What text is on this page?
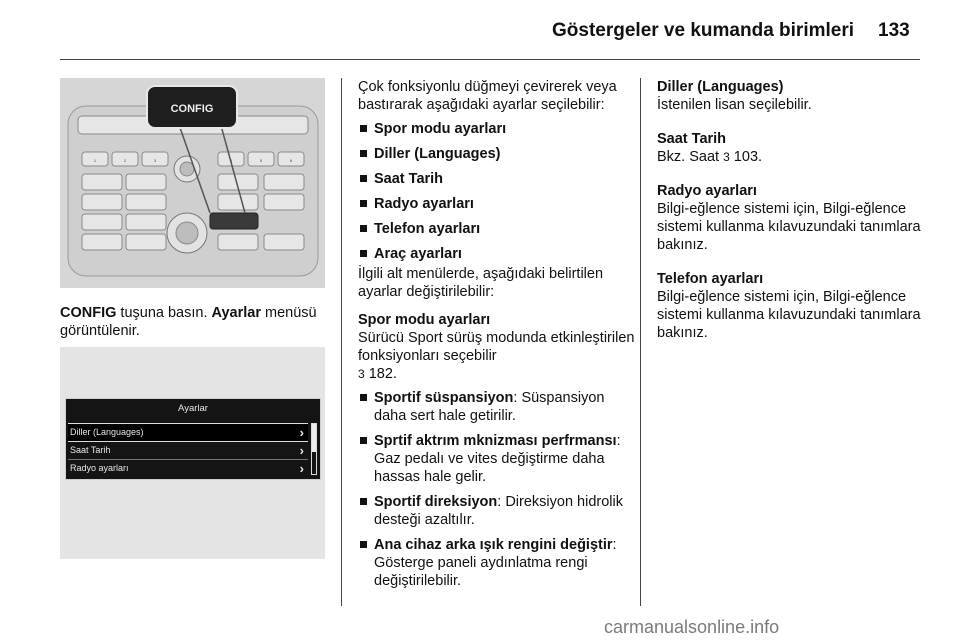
Göstergeler ve kumanda birimleri 133
CONFIG
1	2	3	4	5	6

CONFIG tuşuna basın. Ayarlar menüsü görüntülenir.

Ayarlar
Diller (Languages)	›
Saat Tarih	›
Radyo ayarları	›

Çok fonksiyonlu düğmeyi çevirerek veya bastırarak aşağıdaki ayarlar seçilebilir:

Spor modu ayarları
Diller (Languages)
Saat Tarih
Radyo ayarları
Telefon ayarları
Araç ayarları

İlgili alt menülerde, aşağıdaki belirtilen ayarlar değiştirilebilir:

Spor modu ayarları

Sürücü Sport sürüş modunda etkinleştirilen fonksiyonları seçebilir
3 182.

Sportif süspansiyon: Süspansiyon daha sert hale getirilir.
Sprtif aktrım mknizması perfrmansı: Gaz pedalı ve vites değiştirme daha hassas hale gelir.
Sportif direksiyon: Direksiyon hidrolik desteği azaltılır.
Ana cihaz arka ışık rengini değiştir: Gösterge paneli aydınlatma rengi değiştirilebilir.

Diller (Languages)

İstenilen lisan seçilebilir.

Saat Tarih

Bkz. Saat 3 103.

Radyo ayarları

Bilgi-eğlence sistemi için, Bilgi-eğlence sistemi kullanma kılavuzundaki tanımlara bakınız.

Telefon ayarları

Bilgi-eğlence sistemi için, Bilgi-eğlence sistemi kullanma kılavuzundaki tanımlara bakınız.

carmanualsonline.info
